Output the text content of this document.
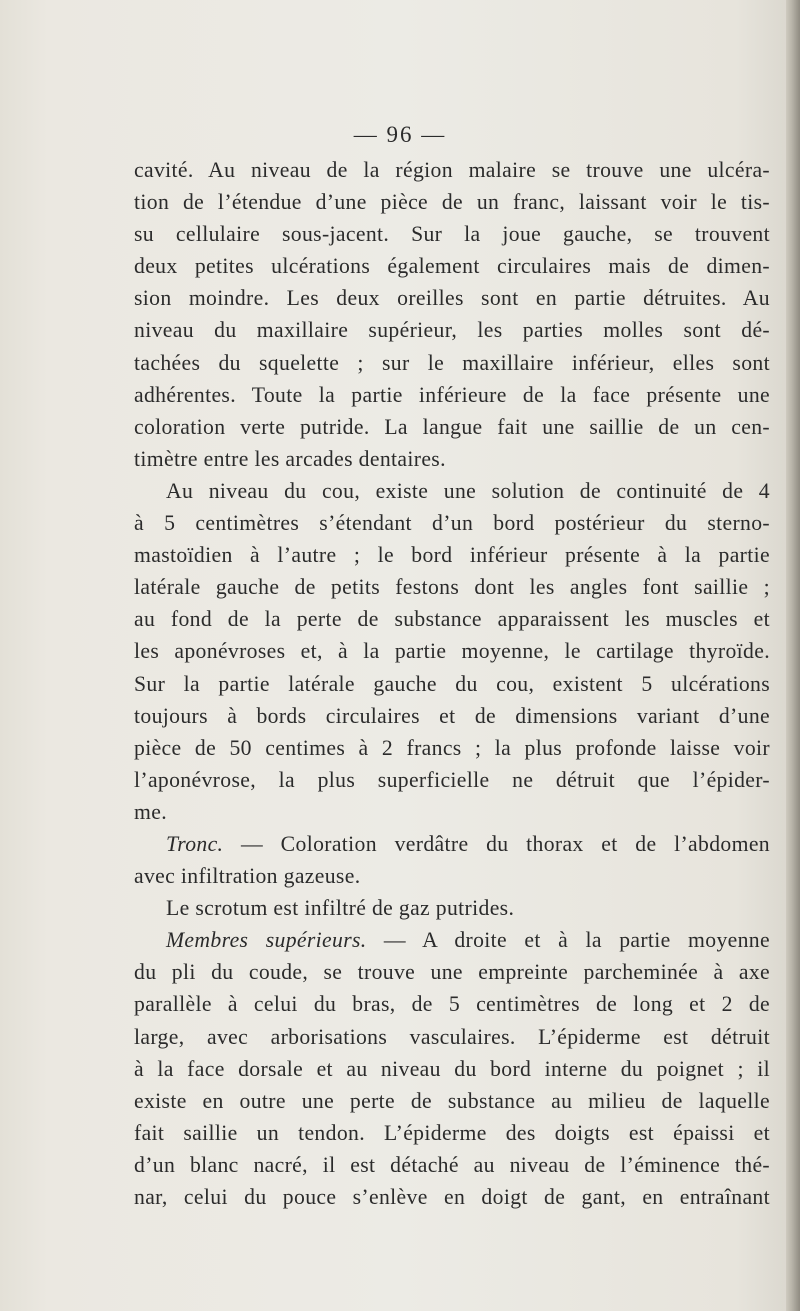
— 96 —

cavité. Au niveau de la région malaire se trouve une ulcéra-
tion de l’étendue d’une pièce de un franc, laissant voir le tis-
su cellulaire sous-jacent. Sur la joue gauche, se trouvent
deux petites ulcérations également circulaires mais de dimen-
sion moindre. Les deux oreilles sont en partie détruites. Au
niveau du maxillaire supérieur, les parties molles sont dé-
tachées du squelette ; sur le maxillaire inférieur, elles sont
adhérentes. Toute la partie inférieure de la face présente une
coloration verte putride. La langue fait une saillie de un cen-
timètre entre les arcades dentaires.

Au niveau du cou, existe une solution de continuité de 4
à 5 centimètres s’étendant d’un bord postérieur du sterno-
mastoïdien à l’autre ; le bord inférieur présente à la partie
latérale gauche de petits festons dont les angles font saillie ;
au fond de la perte de substance apparaissent les muscles et
les aponévroses et, à la partie moyenne, le cartilage thyroïde.
Sur la partie latérale gauche du cou, existent 5 ulcérations
toujours à bords circulaires et de dimensions variant d’une
pièce de 50 centimes à 2 francs ; la plus profonde laisse voir
l’aponévrose, la plus superficielle ne détruit que l’épider-
me.

Tronc. — Coloration verdâtre du thorax et de l’abdomen
avec infiltration gazeuse.

Le scrotum est infiltré de gaz putrides.

Membres supérieurs. — A droite et à la partie moyenne
du pli du coude, se trouve une empreinte parcheminée à axe
parallèle à celui du bras, de 5 centimètres de long et 2 de
large, avec arborisations vasculaires. L’épiderme est détruit
à la face dorsale et au niveau du bord interne du poignet ; il
existe en outre une perte de substance au milieu de laquelle
fait saillie un tendon. L’épiderme des doigts est épaissi et
d’un blanc nacré, il est détaché au niveau de l’éminence thé-
nar, celui du pouce s’enlève en doigt de gant, en entraînant
